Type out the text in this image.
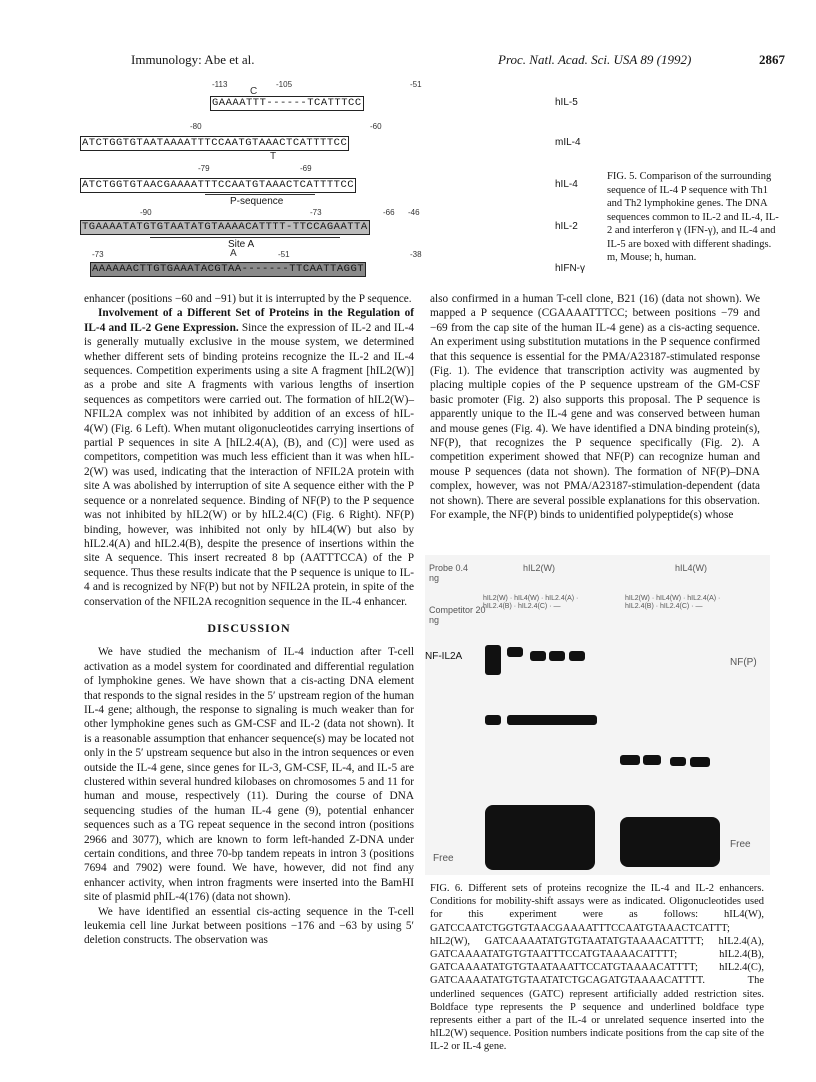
Immunology: Abe et al.	Proc. Natl. Acad. Sci. USA 89 (1992)	2867
-113
C
-105	-51
GAAAATTT------TCATTTCC	hIL-5
-80	-60
ATCTGGTGTAATAAAATTTCCAATGTAAACTCATTTTCC	mIL-4
T
-79	-69
ATCTGGTGTAACGAAAATTTCCAATGTAAACTCATTTTCC	hIL-4
P-sequence
-90	-73	-66 -46
TGAAAATATGTGTAATATGTAAAACATTTT-TTCCAGAATTA	hIL-2
Site A
A
-73	-51	-38
AAAAAACTTGTGAAATACGTAA-------TTCAATTAGGT	hIFN-γ
FIG. 5. Comparison of the surrounding sequence of IL-4 P sequence with Th1 and Th2 lymphokine genes. The DNA sequences common to IL-2 and IL-4, IL-2 and interferon γ (IFN-γ), and IL-4 and IL-5 are boxed with different shadings. m, Mouse; h, human.

enhancer (positions −60 and −91) but it is interrupted by the P sequence.

Involvement of a Different Set of Proteins in the Regulation of IL-4 and IL-2 Gene Expression. Since the expression of IL-2 and IL-4 is generally mutually exclusive in the mouse system, we determined whether different sets of binding proteins recognize the IL-2 and IL-4 sequences. Competition experiments using a site A fragment [hIL2(W)] as a probe and site A fragments with various lengths of insertion sequences as competitors were carried out. The formation of hIL2(W)–NFIL2A complex was not inhibited by addition of an excess of hIL-4(W) (Fig. 6 Left). When mutant oligonucleotides carrying insertions of partial P sequences in site A [hIL2.4(A), (B), and (C)] were used as competitors, competition was much less efficient than it was when hIL-2(W) was used, indicating that the interaction of NFIL2A protein with site A was abolished by interruption of site A sequence either with the P sequence or a nonrelated sequence. Binding of NF(P) to the P sequence was not inhibited by hIL2(W) or by hIL2.4(C) (Fig. 6 Right). NF(P) binding, however, was inhibited not only by hIL4(W) but also by hIL2.4(A) and hIL2.4(B), despite the presence of insertions within the site A sequence. This insert recreated 8 bp (AATTTCCA) of the P sequence. Thus these results indicate that the P sequence is unique to IL-4 and is recognized by NF(P) but not by NFIL2A protein, in spite of the conservation of the NFIL2A recognition sequence in the IL-4 enhancer.

DISCUSSION

We have studied the mechanism of IL-4 induction after T-cell activation as a model system for coordinated and differential regulation of lymphokine genes. We have shown that a cis-acting DNA element that responds to the signal resides in the 5′ upstream region of the human IL-4 gene; although, the response to signaling is much weaker than for other lymphokine genes such as GM-CSF and IL-2 (data not shown). It is a reasonable assumption that enhancer sequence(s) may be located not only in the 5′ upstream sequence but also in the intron sequences or even outside the IL-4 gene, since genes for IL-3, GM-CSF, IL-4, and IL-5 are clustered within several hundred kilobases on chromosomes 5 and 11 for human and mouse, respectively (11). During the course of DNA sequencing studies of the human IL-4 gene (9), potential enhancer sequences such as a TG repeat sequence in the second intron (positions 2966 and 3077), which are known to form left-handed Z-DNA under certain conditions, and three 70-bp tandem repeats in intron 3 (positions 7694 and 7902) were found. We have, however, did not find any enhancer activity, when intron fragments were inserted into the BamHI site of plasmid phIL-4(176) (data not shown).

We have identified an essential cis-acting sequence in the T-cell leukemia cell line Jurkat between positions −176 and −63 by using 5′ deletion constructs. The observation was

also confirmed in a human T-cell clone, B21 (16) (data not shown). We mapped a P sequence (CGAAAATTTCC; between positions −79 and −69 from the cap site of the human IL-4 gene) as a cis-acting sequence. An experiment using substitution mutations in the P sequence confirmed that this sequence is essential for the PMA/A23187-stimulated response (Fig. 1). The evidence that transcription activity was augmented by placing multiple copies of the P sequence upstream of the GM-CSF basic promoter (Fig. 2) also supports this proposal. The P sequence is apparently unique to the IL-4 gene and was conserved between human and mouse genes (Fig. 4). We have identified a DNA binding protein(s), NF(P), that recognizes the P sequence specifically (Fig. 2). A competition experiment showed that NF(P) can recognize human and mouse P sequences (data not shown). The formation of NF(P)–DNA complex, however, was not PMA/A23187-stimulation-dependent (data not shown). There are several possible explanations for this observation. For example, the NF(P) binds to unidentified polypeptide(s) whose

Probe 0.4 ng
Competitor 20 ng
hIL2(W)	hIL4(W)
NF-IL2A
NF(P)
Free
Free
hIL2(W) · hIL4(W) · hIL2.4(A) · hIL2.4(B) · hIL2.4(C) · —
hIL2(W) · hIL4(W) · hIL2.4(A) · hIL2.4(B) · hIL2.4(C) · —
FIG. 6. Different sets of proteins recognize the IL-4 and IL-2 enhancers. Conditions for mobility-shift assays were as indicated. Oligonucleotides used for this experiment were as follows: hIL4(W), GATCCAATCTGGTGTAACGAAAATTTCCAATGTAAACTCATTT; hIL2(W), GATCAAAATATGTGTAATATGTAAAACATTTT; hIL2.4(A), GATCAAAATATGTGTAATTTCCATGTAAAACATTTT; hIL2.4(B), GATCAAAATATGTGTAATAAATTCCATGTAAAACATTTT; hIL2.4(C), GATCAAAATATGTGTAATATCTGCAGATGTAAAACATTTT. The underlined sequences (GATC) represent artificially added restriction sites. Boldface type represents the P sequence and underlined boldface type represents either a part of the IL-4 or unrelated sequence inserted into the hIL2(W) sequence. Position numbers indicate positions from the cap site of the IL-2 or IL-4 gene.
